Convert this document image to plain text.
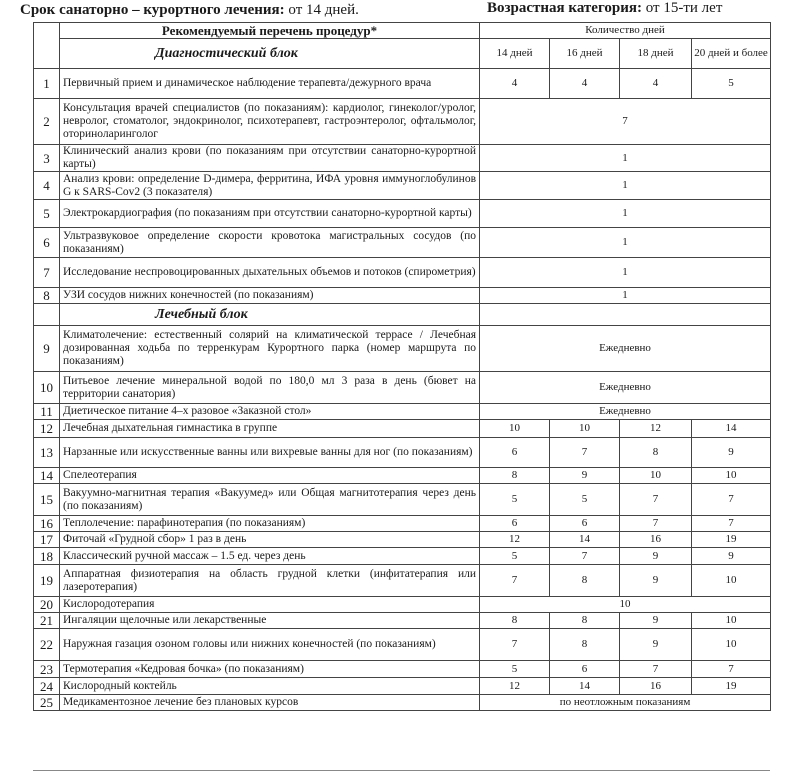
Срок санаторно – курортного лечения: от 14 дней.	Возрастная категория: от 15-ти лет
	Рекомендуемый перечень процедур*	Количество дней			
	Диагностический блок	14 дней	16 дней	18 дней	20 дней и более
1	Первичный прием и динамическое наблюдение терапевта/дежурного врача	4	4	4	5
2	Консультация врачей специалистов (по показаниям): кардиолог, гинеколог/уролог, невролог, стоматолог, эндокринолог, психотерапевт, гастроэнтеролог, офтальмолог, оториноларинголог	7			
3	Клинический анализ крови (по показаниям при отсутствии санаторно-курортной карты)	1			
4	Анализ крови: определение D-димера, ферритина, ИФА уровня иммуноглобулинов G к SARS-Cov2 (3 показателя)	1			
5	Электрокардиография (по показаниям при отсутствии санаторно-курортной карты)	1			
6	Ультразвуковое определение скорости кровотока магистральных сосудов (по показаниям)	1			
7	Исследование неспровоцированных дыхательных объемов и потоков (спирометрия)	1			
8	УЗИ сосудов нижних конечностей (по показаниям)	1			
	Лечебный блок				
9	Климатолечение: естественный солярий на климатической террасе / Лечебная дозированная ходьба по терренкурам Курортного парка (номер маршрута по показаниям)	Ежедневно			
10	Питьевое лечение минеральной водой по 180,0 мл 3 раза в день (бювет на территории санатория)	Ежедневно			
11	Диетическое питание 4–х разовое «Заказной стол»	Ежедневно			
12	Лечебная дыхательная гимнастика в группе	10	10	12	14
13	Нарзанные или искусственные ванны или вихревые ванны для ног (по показаниям)	6	7	8	9
14	Спелеотерапия	8	9	10	10
15	Вакуумно-магнитная терапия «Вакуумед» или Общая магнитотерапия через день (по показаниям)	5	5	7	7
16	Теплолечение: парафинотерапия (по показаниям)	6	6	7	7
17	Фиточай «Грудной сбор» 1 раз в день	12	14	16	19
18	Классический ручной массаж – 1.5 ед. через день	5	7	9	9
19	Аппаратная физиотерапия на область грудной клетки (инфитатерапия или лазеротерапия)	7	8	9	10
20	Кислородотерапия	10			
21	Ингаляции щелочные или лекарственные	8	8	9	10
22	Наружная газация озоном головы или нижних конечностей (по показаниям)	7	8	9	10
23	Термотерапия «Кедровая бочка» (по показаниям)	5	6	7	7
24	Кислородный коктейль	12	14	16	19
25	Медикаментозное лечение без плановых курсов	по неотложным показаниям			
